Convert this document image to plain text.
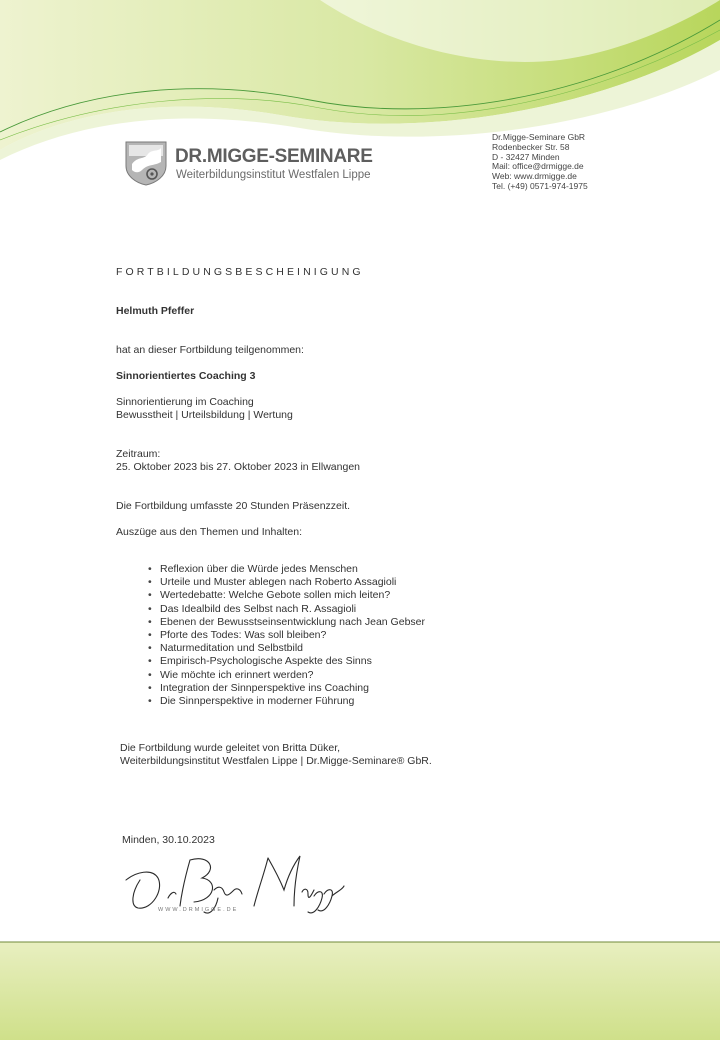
DR.MIGGE-SEMINARE
Weiterbildungsinstitut Westfalen Lippe
Dr.Migge-Seminare GbR
Rodenbecker Str. 58
D - 32427 Minden
Mail: office@drmigge.de
Web: www.drmigge.de
Tel. (+49) 0571-974-1975
FORTBILDUNGSBESCHEINIGUNG
Helmuth Pfeffer
hat an dieser Fortbildung teilgenommen:
Sinnorientiertes Coaching 3
Sinnorientierung im Coaching
Bewusstheit | Urteilsbildung | Wertung
Zeitraum:
25. Oktober 2023 bis 27. Oktober 2023 in Ellwangen
Die Fortbildung umfasste 20 Stunden Präsenzzeit.
Auszüge aus den Themen und Inhalten:
• Reflexion über die Würde jedes Menschen
• Urteile und Muster ablegen nach Roberto Assagioli
• Wertedebatte: Welche Gebote sollen mich leiten?
• Das Idealbild des Selbst nach R. Assagioli
• Ebenen der Bewusstseinsentwicklung nach Jean Gebser
• Pforte des Todes: Was soll bleiben?
• Naturmeditation und Selbstbild
• Empirisch-Psychologische Aspekte des Sinns
• Wie möchte ich erinnert werden?
• Integration der Sinnperspektive ins Coaching
• Die Sinnperspektive in moderner Führung
Die Fortbildung wurde geleitet von Britta Düker,
Weiterbildungsinstitut Westfalen Lippe | Dr.Migge-Seminare® GbR.
Minden, 30.10.2023
WWW.DRMIGGE.DE
